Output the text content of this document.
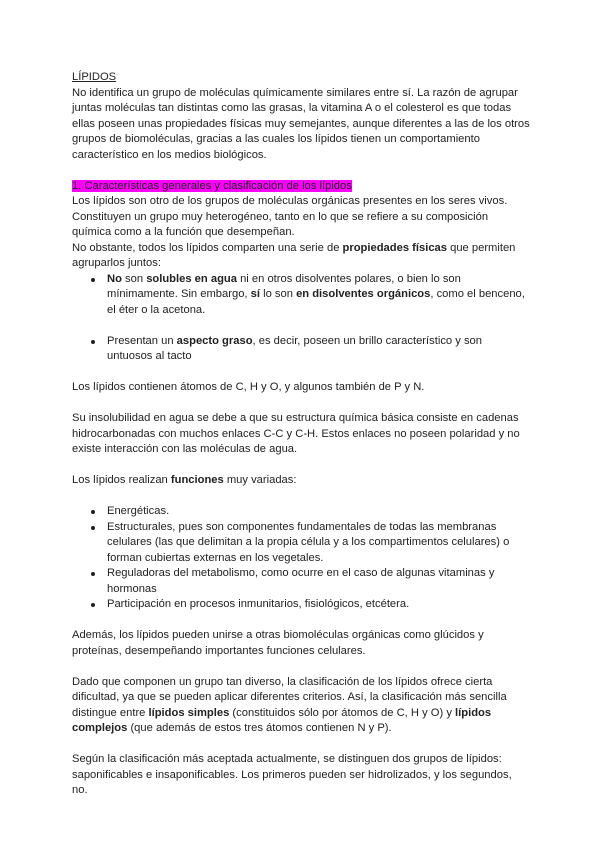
LÍPIDOS

No identifica un grupo de moléculas químicamente similares entre sí. La razón de agrupar juntas moléculas tan distintas como las grasas, la vitamina A o el colesterol es que todas ellas poseen unas propiedades físicas muy semejantes, aunque diferentes a las de los otros grupos de biomoléculas, gracias a las cuales los lípidos tienen un comportamiento característico en los medios biológicos.

1. Características generales y clasificación de los lípidos

Los lípidos son otro de los grupos de moléculas orgánicas presentes en los seres vivos. Constituyen un grupo muy heterogéneo, tanto en lo que se refiere a su composición química como a la función que desempeñan.

No obstante, todos los lípidos comparten una serie de propiedades físicas que permiten agruparlos juntos:

No son solubles en agua ni en otros disolventes polares, o bien lo son mínimamente. Sin embargo, sí lo son en disolventes orgánicos, como el benceno, el éter o la acetona.
Presentan un aspecto graso, es decir, poseen un brillo característico y son untuosos al tacto

Los lípidos contienen átomos de C, H y O, y algunos también de P y N.

Su insolubilidad en agua se debe a que su estructura química básica consiste en cadenas hidrocarbonadas con muchos enlaces C-C y C-H. Estos enlaces no poseen polaridad y no existe interacción con las moléculas de agua.

Los lípidos realizan funciones muy variadas:

Energéticas.
Estructurales, pues son componentes fundamentales de todas las membranas celulares (las que delimitan a la propia célula y a los compartimentos celulares) o forman cubiertas externas en los vegetales.
Reguladoras del metabolismo, como ocurre en el caso de algunas vitaminas y hormonas
Participación en procesos inmunitarios, fisiológicos, etcétera.

Además, los lípidos pueden unirse a otras biomoléculas orgánicas como glúcidos y proteínas, desempeñando importantes funciones celulares.

Dado que componen un grupo tan diverso, la clasificación de los lípidos ofrece cierta dificultad, ya que se pueden aplicar diferentes criterios. Así, la clasificación más sencilla distingue entre lípidos simples (constituidos sólo por átomos de C, H y O) y lípidos complejos (que además de estos tres átomos contienen N y P).

Según la clasificación más aceptada actualmente, se distinguen dos grupos de lípidos: saponificables e insaponificables. Los primeros pueden ser hidrolizados, y los segundos, no.
